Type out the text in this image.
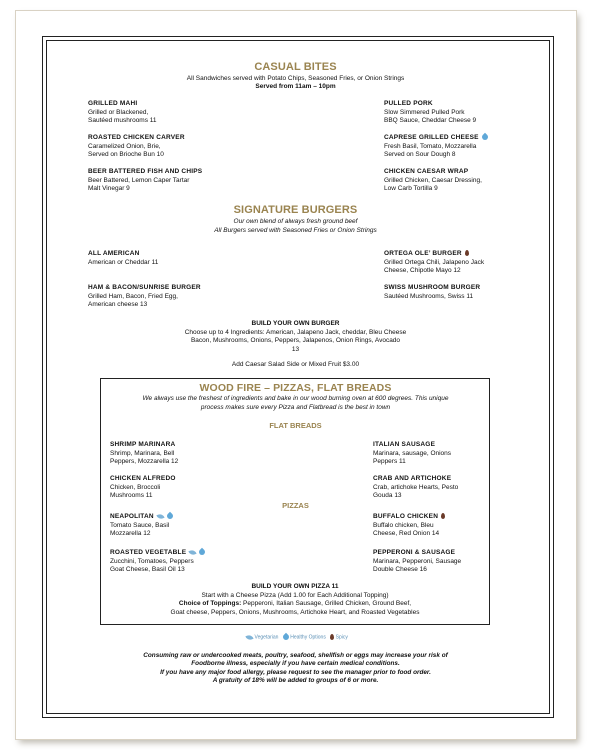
CASUAL BITES
All Sandwiches served with Potato Chips, Seasoned Fries, or Onion Strings
Served from 11am – 10pm
GRILLED MAHI
Grilled or Blackened,
Sautéed mushrooms 11
ROASTED CHICKEN CARVER
Caramelized Onion, Brie,
Served on Brioche Bun 10
BEER BATTERED FISH AND CHIPS
Beer Battered, Lemon Caper Tartar
Malt Vinegar 9
PULLED PORK
Slow Simmered Pulled Pork
BBQ Sauce, Cheddar Cheese 9
CAPRESE GRILLED CHEESE
Fresh Basil, Tomato, Mozzarella
Served on Sour Dough 8
CHICKEN CAESAR WRAP
Grilled Chicken, Caesar Dressing,
Low Carb Tortilla 9
SIGNATURE BURGERS
Our own blend of always fresh ground beef
All Burgers served with Seasoned Fries or Onion Strings
ALL AMERICAN
American or Cheddar 11
HAM & BACON/SUNRISE BURGER
Grilled Ham, Bacon, Fried Egg,
American cheese 13
ORTEGA OLE’ BURGER
Grilled Ortega Chili, Jalapeno Jack
Cheese, Chipotle Mayo 12
SWISS MUSHROOM BURGER
Sautéed Mushrooms, Swiss 11
BUILD YOUR OWN BURGER
Choose up to 4 Ingredients: American, Jalapeno Jack, cheddar, Bleu Cheese
Bacon, Mushrooms, Onions, Peppers, Jalapenos, Onion Rings, Avocado
13
Add Caesar Salad Side or Mixed Fruit $3.00
WOOD FIRE – PIZZAS, FLAT BREADS
We always use the freshest of ingredients and bake in our wood burning oven at 600 degrees. This unique
process makes sure every Pizza and Flatbread is the best in town
FLAT BREADS
SHRIMP MARINARA
Shrimp, Marinara, Bell
Peppers, Mozzarella 12
CHICKEN ALFREDO
Chicken, Broccoli
Mushrooms 11
ITALIAN SAUSAGE
Marinara, sausage, Onions
Peppers 11
CRAB AND ARTICHOKE
Crab, artichoke Hearts, Pesto
Gouda 13
PIZZAS
NEAPOLITAN
Tomato Sauce, Basil
Mozzarella 12
ROASTED VEGETABLE
Zucchini, Tomatoes, Peppers
Goat Cheese, Basil Oil 13
BUFFALO CHICKEN
Buffalo chicken, Bleu
Cheese, Red Onion 14
PEPPERONI & SAUSAGE
Marinara, Pepperoni, Sausage
Double Cheese 16
BUILD YOUR OWN PIZZA 11
Start with a Cheese Pizza (Add 1.00 for Each Additional Topping)
Choice of Toppings: Pepperoni, Italian Sausage, Grilled Chicken, Ground Beef,
Goat cheese, Peppers, Onions, Mushrooms, Artichoke Heart, and Roasted Vegetables
Vegetarian Healthy Options Spicy
Consuming raw or undercooked meats, poultry, seafood, shellfish or eggs may increase your risk of
Foodborne illness, especially if you have certain medical conditions.
If you have any major food allergy, please request to see the manager prior to food order.
A gratuity of 18% will be added to groups of 6 or more.
